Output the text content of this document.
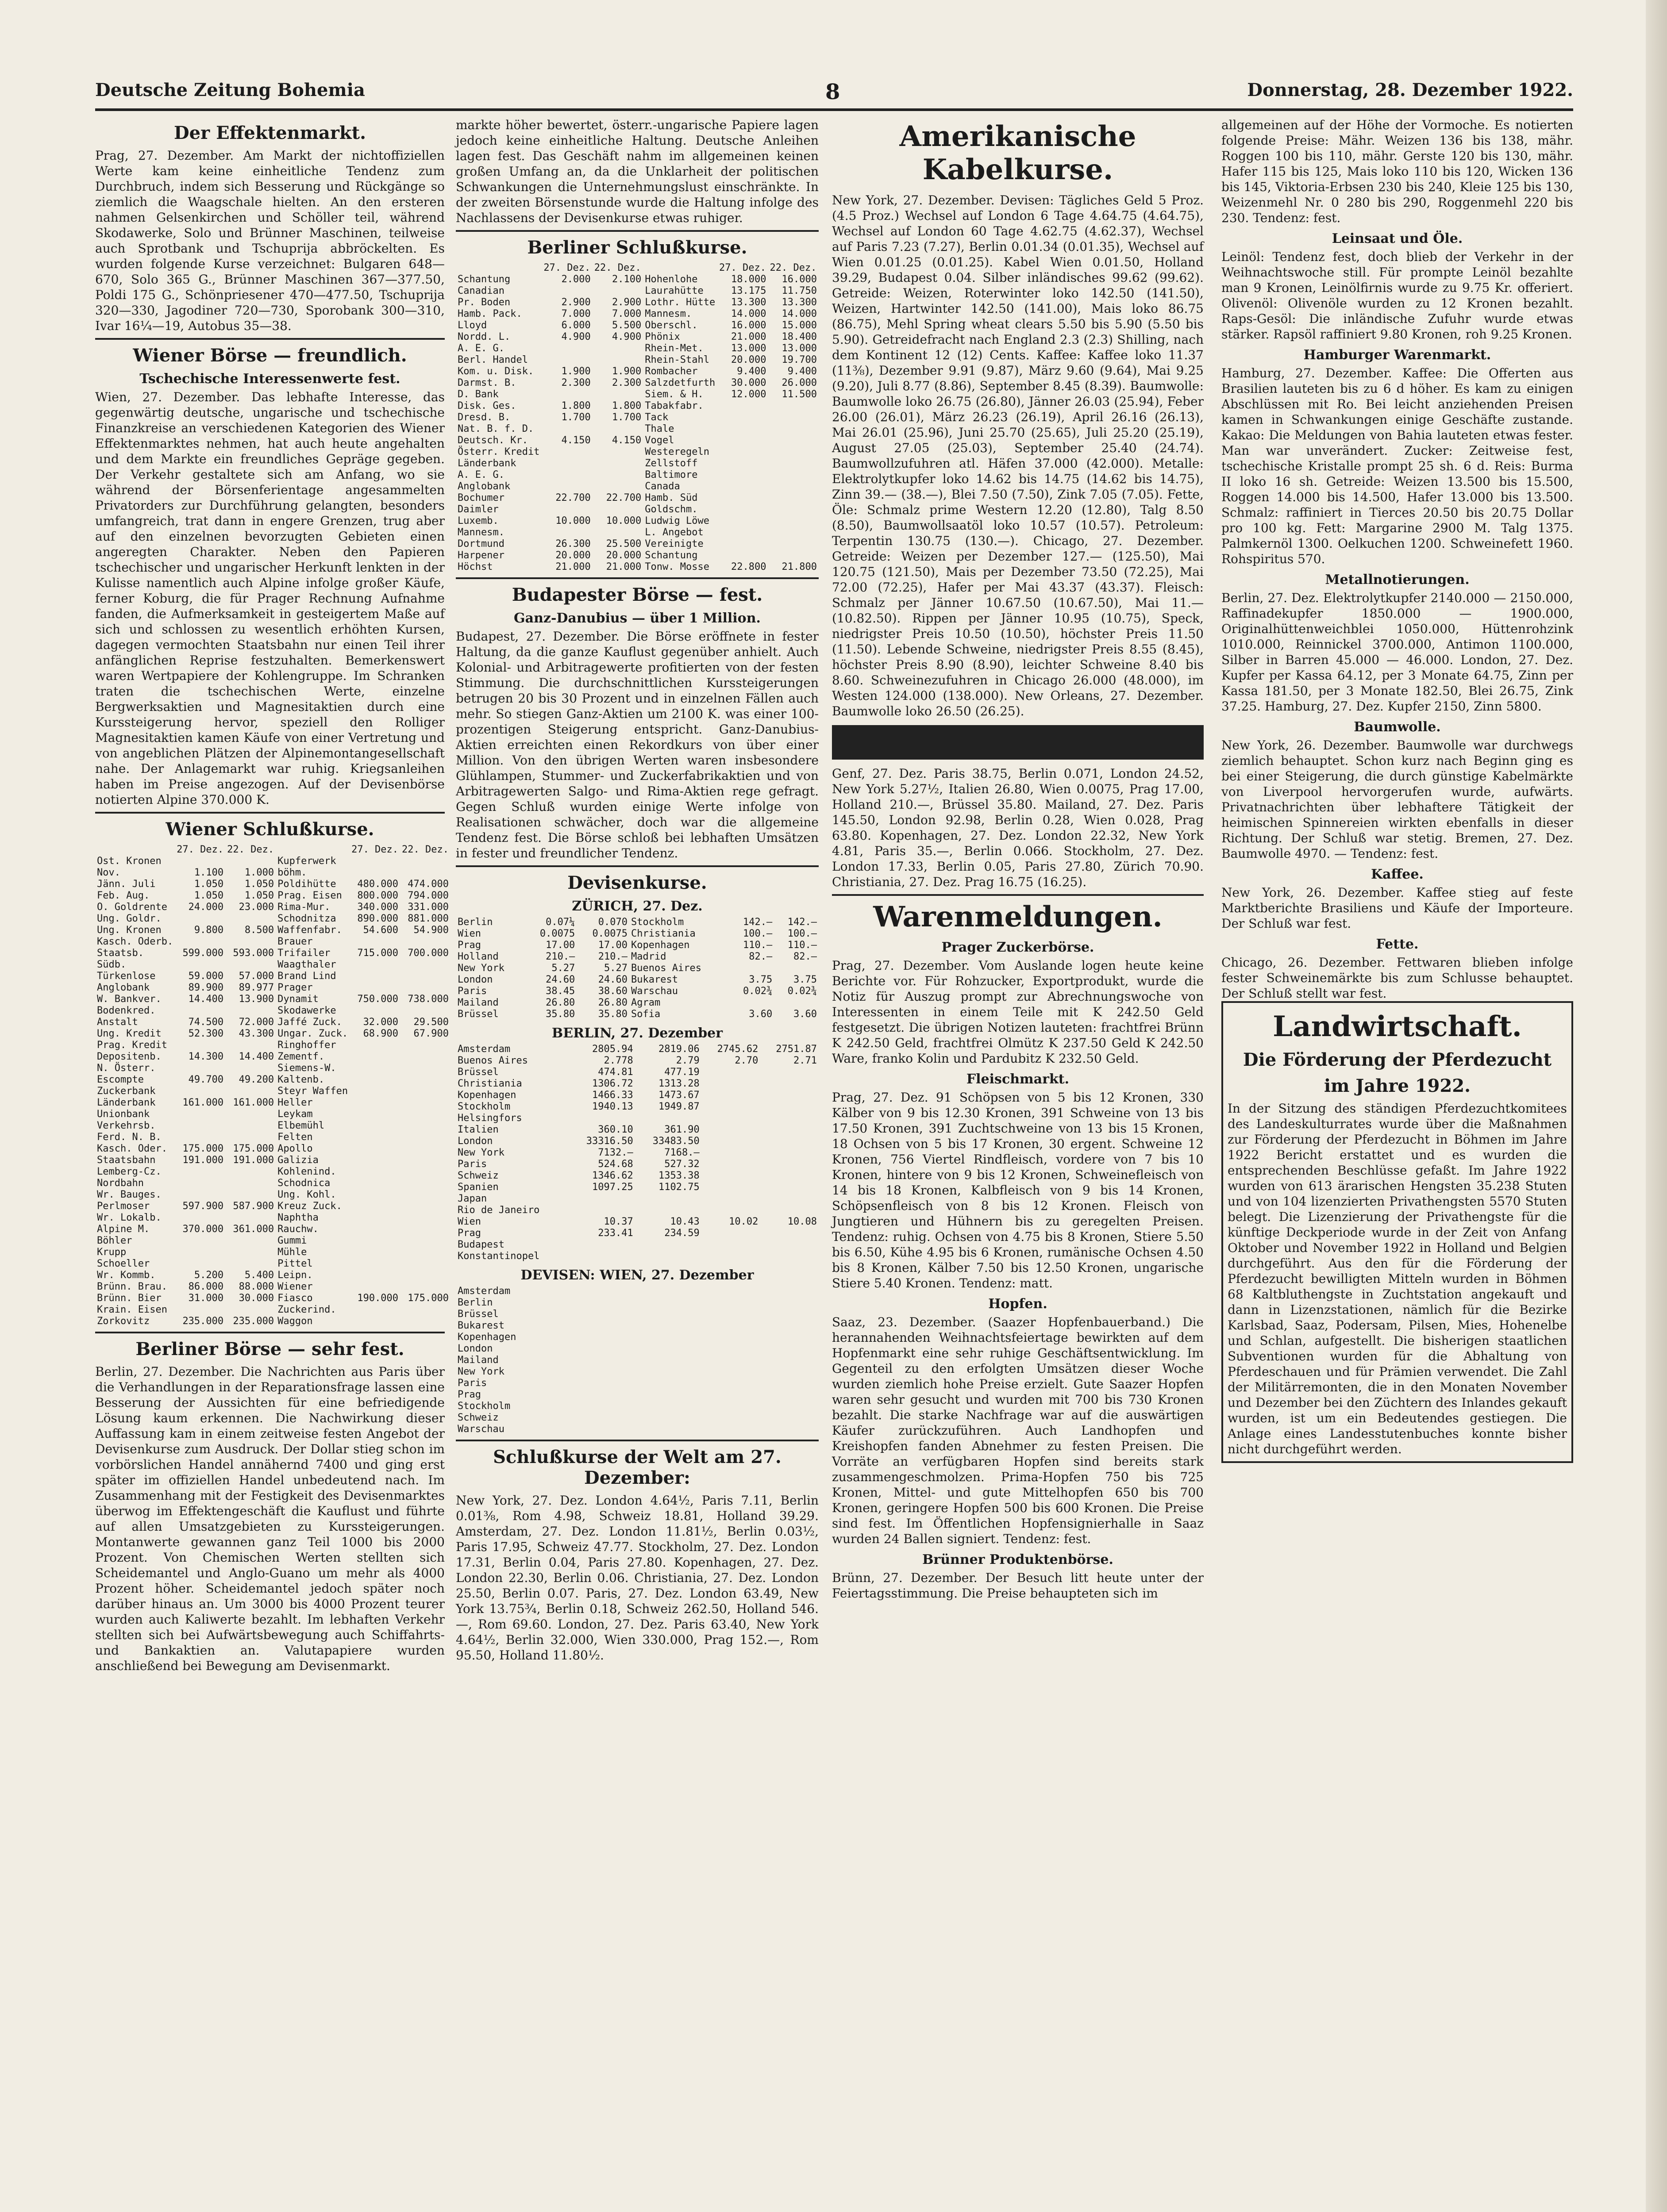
Deutsche Zeitung Bohemia	8	Donnerstag, 28. Dezember 1922.
Der Effektenmarkt.
Prag, 27. Dezember. Am Markt der nichtoffiziellen Werte kam keine einheitliche Tendenz zum Durchbruch, indem sich Besserung und Rückgänge so ziemlich die Waagschale hielten. An den ersteren nahmen Gelsenkirchen und Schöller teil, während Skodawerke, Solo und Brünner Maschinen, teilweise auch Sprotbank und Tschuprija abbröckelten. Es wurden folgende Kurse verzeichnet: Bulgaren 648—670, Solo 365 G., Brünner Maschinen 367—377.50, Poldi 175 G., Schönpriesener 470—477.50, Tschuprija 320—330, Jagodiner 720—730, Sporobank 300—310, Ivar 16¼—19, Autobus 35—38.
Wiener Börse — freundlich.
Tschechische Interessenwerte fest.
Wien, 27. Dezember. Das lebhafte Interesse, das gegenwärtig deutsche, ungarische und tschechische Finanzkreise an verschiedenen Kategorien des Wiener Effektenmarktes nehmen, hat auch heute angehalten und dem Markte ein freundliches Gepräge gegeben. Der Verkehr gestaltete sich am Anfang, wo sie während der Börsenferientage angesammelten Privatorders zur Durchführung gelangten, besonders umfangreich, trat dann in engere Grenzen, trug aber auf den einzelnen bevorzugten Gebieten einen angeregten Charakter. Neben den Papieren tschechischer und ungarischer Herkunft lenkten in der Kulisse namentlich auch Alpine infolge großer Käufe, ferner Koburg, die für Prager Rechnung Aufnahme fanden, die Aufmerksamkeit in gesteigertem Maße auf sich und schlossen zu wesentlich erhöhten Kursen, dagegen vermochten Staatsbahn nur einen Teil ihrer anfänglichen Reprise festzuhalten. Bemerkenswert waren Wertpapiere der Kohlengruppe. Im Schranken traten die tschechischen Werte, einzelne Bergwerksaktien und Magnesitaktien durch eine Kurssteigerung hervor, speziell den Rolliger Magnesitaktien kamen Käufe von einer Vertretung und von angeblichen Plätzen der Alpinemontangesellschaft nahe. Der Anlagemarkt war ruhig. Kriegsanleihen haben im Preise angezogen. Auf der Devisenbörse notierten Alpine 370.000 K.
Wiener Schlußkurse.
	27. Dez.	22. Dez.		27. Dez.	22. Dez.
Ost. Kronen			Kupferwerk		
Nov.	1.100	1.000	böhm.		
Jänn. Juli	1.050	1.050	Poldihütte	480.000	474.000
Feb. Aug.	1.050	1.050	Prag. Eisen	800.000	794.000
O. Goldrente	24.000	23.000	Rima-Mur.	340.000	331.000
Ung. Goldr.			Schodnitza	890.000	881.000
Ung. Kronen	9.800	8.500	Waffenfabr.	54.600	54.900
Kasch. Oderb.			Brauer		
Staatsb.	599.000	593.000	Trifailer	715.000	700.000
Südb.			Waagthaler		
Türkenlose	59.000	57.000	Brand Lind		
Anglobank	89.900	89.977	Prager		
W. Bankver.	14.400	13.900	Dynamit	750.000	738.000
Bodenkred.			Skodawerke		
Anstalt	74.500	72.000	Jaffé Zuck.	32.000	29.500
Ung. Kredit	52.300	43.300	Ungar. Zuck.	68.900	67.900
Prag. Kredit			Ringhoffer		
Depositenb.	14.300	14.400	Zementf.		
N. Österr.			Siemens-W.		
Escompte	49.700	49.200	Kaltenb.		
Zuckerbank			Steyr Waffen		
Länderbank	161.000	161.000	Heller		
Unionbank			Leykam		
Verkehrsb.			Elbemühl		
Ferd. N. B.			Felten		
Kasch. Oder.	175.000	175.000	Apollo		
Staatsbahn	191.000	191.000	Galizia		
Lemberg-Cz.			Kohlenind.		
Nordbahn			Schodnica		
Wr. Bauges.			Ung. Kohl.		
Perlmoser	597.900	587.900	Kreuz Zuck.		
Wr. Lokalb.			Naphtha		
Alpine M.	370.000	361.000	Rauchw.		
Böhler			Gummi		
Krupp			Mühle		
Schoeller			Pittel		
Wr. Kommb.	5.200	5.400	Leipn.		
Brünn. Brau.	86.000	88.000	Wiener		
Brünn. Bier	31.000	30.000	Fiasco	190.000	175.000
Krain. Eisen			Zuckerind.		
Zorkovitz	235.000	235.000	Waggon		
Berliner Börse — sehr fest.
Berlin, 27. Dezember. Die Nachrichten aus Paris über die Verhandlungen in der Reparationsfrage lassen eine Besserung der Aussichten für eine befriedigende Lösung kaum erkennen. Die Nachwirkung dieser Auffassung kam in einem zeitweise festen Angebot der Devisenkurse zum Ausdruck. Der Dollar stieg schon im vorbörslichen Handel annähernd 7400 und ging erst später im offiziellen Handel unbedeutend nach. Im Zusammenhang mit der Festigkeit des Devisenmarktes überwog im Effektengeschäft die Kauflust und führte auf allen Umsatzgebieten zu Kurssteigerungen. Montanwerte gewannen ganz Teil 1000 bis 2000 Prozent. Von Chemischen Werten stellten sich Scheidemantel und Anglo-Guano um mehr als 4000 Prozent höher. Scheidemantel jedoch später noch darüber hinaus an. Um 3000 bis 4000 Prozent teurer wurden auch Kaliwerte bezahlt. Im lebhaften Verkehr stellten sich bei Aufwärtsbewegung auch Schiffahrts- und Bankaktien an. Valutapapiere wurden anschließend bei Bewegung am Devisenmarkt.
markte höher bewertet, österr.-ungarische Papiere lagen jedoch keine einheitliche Haltung. Deutsche Anleihen lagen fest. Das Geschäft nahm im allgemeinen keinen großen Umfang an, da die Unklarheit der politischen Schwankungen die Unternehmungslust einschränkte. In der zweiten Börsenstunde wurde die Haltung infolge des Nachlassens der Devisenkurse etwas ruhiger.
Berliner Schlußkurse.
	27. Dez.	22. Dez.		27. Dez.	22. Dez.
Schantung	2.000	2.100	Hohenlohe	18.000	16.000
Canadian			Laurahütte	13.175	11.750
Pr. Boden	2.900	2.900	Lothr. Hütte	13.300	13.300
Hamb. Pack.	7.000	7.000	Mannesm.	14.000	14.000
Lloyd	6.000	5.500	Oberschl.	16.000	15.000
Nordd. L.	4.900	4.900	Phönix	21.000	18.400
A. E. G.			Rhein-Met.	13.000	13.000
Berl. Handel			Rhein-Stahl	20.000	19.700
Kom. u. Disk.	1.900	1.900	Rombacher	9.400	9.400
Darmst. B.	2.300	2.300	Salzdetfurth	30.000	26.000
D. Bank			Siem. & H.	12.000	11.500
Disk. Ges.	1.800	1.800	Tabakfabr.		
Dresd. B.	1.700	1.700	Tack		
Nat. B. f. D.			Thale		
Deutsch. Kr.	4.150	4.150	Vogel		
Österr. Kredit			Westeregeln		
Länderbank			Zellstoff		
A. E. G.			Baltimore		
Anglobank			Canada		
Bochumer	22.700	22.700	Hamb. Süd		
Daimler			Goldschm.		
Luxemb.	10.000	10.000	Ludwig Löwe		
Mannesm.			L. Angebot		
Dortmund	26.300	25.500	Vereinigte		
Harpener	20.000	20.000	Schantung		
Höchst	21.000	21.000	Tonw. Mosse	22.800	21.800
Budapester Börse — fest.
Ganz-Danubius — über 1 Million.
Budapest, 27. Dezember. Die Börse eröffnete in fester Haltung, da die ganze Kauflust gegenüber anhielt. Auch Kolonial- und Arbitragewerte profitierten von der festen Stimmung. Die durchschnittlichen Kurssteigerungen betrugen 20 bis 30 Prozent und in einzelnen Fällen auch mehr. So stiegen Ganz-Aktien um 2100 K. was einer 100-prozentigen Steigerung entspricht. Ganz-Danubius-Aktien erreichten einen Rekordkurs von über einer Million. Von den übrigen Werten waren insbesondere Glühlampen, Stummer- und Zuckerfabrikaktien und von Arbitragewerten Salgo- und Rima-Aktien rege gefragt. Gegen Schluß wurden einige Werte infolge von Realisationen schwächer, doch war die allgemeine Tendenz fest. Die Börse schloß bei lebhaften Umsätzen in fester und freundlicher Tendenz.
Devisenkurse.
ZÜRICH, 27. Dez.
Berlin	0.07¼	0.070	Stockholm	142.—	142.—
Wien	0.0075	0.0075	Christiania	100.—	100.—
Prag	17.00	17.00	Kopenhagen	110.—	110.—
Holland	210.—	210.—	Madrid	82.—	82.—
New York	5.27	5.27	Buenos Aires		
London	24.60	24.60	Bukarest	3.75	3.75
Paris	38.45	38.60	Warschau	0.02¾	0.02¾
Mailand	26.80	26.80	Agram		
Brüssel	35.80	35.80	Sofia	3.60	3.60
BERLIN, 27. Dezember
Amsterdam	2805.94	2819.06	2745.62	2751.87
Buenos Aires	2.778	2.79	2.70	2.71
Brüssel	474.81	477.19		
Christiania	1306.72	1313.28		
Kopenhagen	1466.33	1473.67		
Stockholm	1940.13	1949.87		
Helsingfors				
Italien	360.10	361.90		
London	33316.50	33483.50		
New York	7132.—	7168.—		
Paris	524.68	527.32		
Schweiz	1346.62	1353.38		
Spanien	1097.25	1102.75		
Japan				
Rio de Janeiro				
Wien	10.37	10.43	10.02	10.08
Prag	233.41	234.59		
Budapest				
Konstantinopel				
DEVISEN: WIEN, 27. Dezember
Amsterdam				
Berlin				
Brüssel				
Bukarest				
Kopenhagen				
London				
Mailand				
New York				
Paris				
Prag				
Stockholm				
Schweiz				
Warschau				
Schlußkurse der Welt am 27. Dezember:
New York, 27. Dez. London 4.64½, Paris 7.11, Berlin 0.01⅜, Rom 4.98, Schweiz 18.81, Holland 39.29. Amsterdam, 27. Dez. London 11.81½, Berlin 0.03½, Paris 17.95, Schweiz 47.77. Stockholm, 27. Dez. London 17.31, Berlin 0.04, Paris 27.80. Kopenhagen, 27. Dez. London 22.30, Berlin 0.06. Christiania, 27. Dez. London 25.50, Berlin 0.07. Paris, 27. Dez. London 63.49, New York 13.75¾, Berlin 0.18, Schweiz 262.50, Holland 546.—, Rom 69.60. London, 27. Dez. Paris 63.40, New York 4.64½, Berlin 32.000, Wien 330.000, Prag 152.—, Rom 95.50, Holland 11.80½.
Amerikanische Kabelkurse.
New York, 27. Dezember. Devisen: Tägliches Geld 5 Proz. (4.5 Proz.) Wechsel auf London 6 Tage 4.64.75 (4.64.75), Wechsel auf London 60 Tage 4.62.75 (4.62.37), Wechsel auf Paris 7.23 (7.27), Berlin 0.01.34 (0.01.35), Wechsel auf Wien 0.01.25 (0.01.25). Kabel Wien 0.01.50, Holland 39.29, Budapest 0.04. Silber inländisches 99.62 (99.62). Getreide: Weizen, Roterwinter loko 142.50 (141.50), Weizen, Hartwinter 142.50 (141.00), Mais loko 86.75 (86.75), Mehl Spring wheat clears 5.50 bis 5.90 (5.50 bis 5.90). Getreidefracht nach England 2.3 (2.3) Shilling, nach dem Kontinent 12 (12) Cents. Kaffee: Kaffee loko 11.37 (11⅜), Dezember 9.91 (9.87), März 9.60 (9.64), Mai 9.25 (9.20), Juli 8.77 (8.86), September 8.45 (8.39). Baumwolle: Baumwolle loko 26.75 (26.80), Jänner 26.03 (25.94), Feber 26.00 (26.01), März 26.23 (26.19), April 26.16 (26.13), Mai 26.01 (25.96), Juni 25.70 (25.65), Juli 25.20 (25.19), August 27.05 (25.03), September 25.40 (24.74). Baumwollzufuhren atl. Häfen 37.000 (42.000). Metalle: Elektrolytkupfer loko 14.62 bis 14.75 (14.62 bis 14.75), Zinn 39.— (38.—), Blei 7.50 (7.50), Zink 7.05 (7.05). Fette, Öle: Schmalz prime Western 12.20 (12.80), Talg 8.50 (8.50), Baumwollsaatöl loko 10.57 (10.57). Petroleum: Terpentin 130.75 (130.—). Chicago, 27. Dezember. Getreide: Weizen per Dezember 127.— (125.50), Mai 120.75 (121.50), Mais per Dezember 73.50 (72.25), Mai 72.00 (72.25), Hafer per Mai 43.37 (43.37). Fleisch: Schmalz per Jänner 10.67.50 (10.67.50), Mai 11.— (10.82.50). Rippen per Jänner 10.95 (10.75), Speck, niedrigster Preis 10.50 (10.50), höchster Preis 11.50 (11.50). Lebende Schweine, niedrigster Preis 8.55 (8.45), höchster Preis 8.90 (8.90), leichter Schweine 8.40 bis 8.60. Schweinezufuhren in Chicago 26.000 (48.000), im Westen 124.000 (138.000). New Orleans, 27. Dezember. Baumwolle loko 26.50 (26.25).
Genf, 27. Dez. Paris 38.75, Berlin 0.071, London 24.52, New York 5.27½, Italien 26.80, Wien 0.0075, Prag 17.00, Holland 210.—, Brüssel 35.80. Mailand, 27. Dez. Paris 145.50, London 92.98, Berlin 0.28, Wien 0.028, Prag 63.80. Kopenhagen, 27. Dez. London 22.32, New York 4.81, Paris 35.—, Berlin 0.066. Stockholm, 27. Dez. London 17.33, Berlin 0.05, Paris 27.80, Zürich 70.90. Christiania, 27. Dez. Prag 16.75 (16.25).
Warenmeldungen.
Prager Zuckerbörse.
Prag, 27. Dezember. Vom Auslande logen heute keine Berichte vor. Für Rohzucker, Exportprodukt, wurde die Notiz für Auszug prompt zur Abrechnungswoche von Interessenten in einem Teile mit K 242.50 Geld festgesetzt. Die übrigen Notizen lauteten: frachtfrei Brünn K 242.50 Geld, frachtfrei Olmütz K 237.50 Geld K 242.50 Ware, franko Kolin und Pardubitz K 232.50 Geld.
Fleischmarkt.
Prag, 27. Dez. 91 Schöpsen von 5 bis 12 Kronen, 330 Kälber von 9 bis 12.30 Kronen, 391 Schweine von 13 bis 17.50 Kronen, 391 Zuchtschweine von 13 bis 15 Kronen, 18 Ochsen von 5 bis 17 Kronen, 30 ergent. Schweine 12 Kronen, 756 Viertel Rindfleisch, vordere von 7 bis 10 Kronen, hintere von 9 bis 12 Kronen, Schweinefleisch von 14 bis 18 Kronen, Kalbfleisch von 9 bis 14 Kronen, Schöpsenfleisch von 8 bis 12 Kronen. Fleisch von Jungtieren und Hühnern bis zu geregelten Preisen. Tendenz: ruhig. Ochsen von 4.75 bis 8 Kronen, Stiere 5.50 bis 6.50, Kühe 4.95 bis 6 Kronen, rumänische Ochsen 4.50 bis 8 Kronen, Kälber 7.50 bis 12.50 Kronen, ungarische Stiere 5.40 Kronen. Tendenz: matt.
Hopfen.
Saaz, 23. Dezember. (Saazer Hopfenbauerband.) Die herannahenden Weihnachtsfeiertage bewirkten auf dem Hopfenmarkt eine sehr ruhige Geschäftsentwicklung. Im Gegenteil zu den erfolgten Umsätzen dieser Woche wurden ziemlich hohe Preise erzielt. Gute Saazer Hopfen waren sehr gesucht und wurden mit 700 bis 730 Kronen bezahlt. Die starke Nachfrage war auf die auswärtigen Käufer zurückzuführen. Auch Landhopfen und Kreishopfen fanden Abnehmer zu festen Preisen. Die Vorräte an verfügbaren Hopfen sind bereits stark zusammengeschmolzen. Prima-Hopfen 750 bis 725 Kronen, Mittel- und gute Mittelhopfen 650 bis 700 Kronen, geringere Hopfen 500 bis 600 Kronen. Die Preise sind fest. Im Öffentlichen Hopfensignierhalle in Saaz wurden 24 Ballen signiert. Tendenz: fest.
Brünner Produktenbörse.
Brünn, 27. Dezember. Der Besuch litt heute unter der Feiertagsstimmung. Die Preise behaupteten sich im
allgemeinen auf der Höhe der Vormoche. Es notierten folgende Preise: Mähr. Weizen 136 bis 138, mähr. Roggen 100 bis 110, mähr. Gerste 120 bis 130, mähr. Hafer 115 bis 125, Mais loko 110 bis 120, Wicken 136 bis 145, Viktoria-Erbsen 230 bis 240, Kleie 125 bis 130, Weizenmehl Nr. 0 280 bis 290, Roggenmehl 220 bis 230. Tendenz: fest.
Leinsaat und Öle.
Leinöl: Tendenz fest, doch blieb der Verkehr in der Weihnachtswoche still. Für prompte Leinöl bezahlte man 9 Kronen, Leinölfirnis wurde zu 9.75 Kr. offeriert. Olivenöl: Olivenöle wurden zu 12 Kronen bezahlt. Raps-Gesöl: Die inländische Zufuhr wurde etwas stärker. Rapsöl raffiniert 9.80 Kronen, roh 9.25 Kronen.
Hamburger Warenmarkt.
Hamburg, 27. Dezember. Kaffee: Die Offerten aus Brasilien lauteten bis zu 6 d höher. Es kam zu einigen Abschlüssen mit Ro. Bei leicht anziehenden Preisen kamen in Schwankungen einige Geschäfte zustande. Kakao: Die Meldungen von Bahia lauteten etwas fester. Man war unverändert. Zucker: Zeitweise fest, tschechische Kristalle prompt 25 sh. 6 d. Reis: Burma II loko 16 sh. Getreide: Weizen 13.500 bis 15.500, Roggen 14.000 bis 14.500, Hafer 13.000 bis 13.500. Schmalz: raffiniert in Tierces 20.50 bis 20.75 Dollar pro 100 kg. Fett: Margarine 2900 M. Talg 1375. Palmkernöl 1300. Oelkuchen 1200. Schweinefett 1960. Rohspiritus 570.
Metallnotierungen.
Berlin, 27. Dez. Elektrolytkupfer 2140.000 — 2150.000, Raffinadekupfer 1850.000 — 1900.000, Originalhüttenweichblei 1050.000, Hüttenrohzink 1010.000, Reinnickel 3700.000, Antimon 1100.000, Silber in Barren 45.000 — 46.000. London, 27. Dez. Kupfer per Kassa 64.12, per 3 Monate 64.75, Zinn per Kassa 181.50, per 3 Monate 182.50, Blei 26.75, Zink 37.25. Hamburg, 27. Dez. Kupfer 2150, Zinn 5800.
Baumwolle.
New York, 26. Dezember. Baumwolle war durchwegs ziemlich behauptet. Schon kurz nach Beginn ging es bei einer Steigerung, die durch günstige Kabelmärkte von Liverpool hervorgerufen wurde, aufwärts. Privatnachrichten über lebhaftere Tätigkeit der heimischen Spinnereien wirkten ebenfalls in dieser Richtung. Der Schluß war stetig. Bremen, 27. Dez. Baumwolle 4970. — Tendenz: fest.
Kaffee.
New York, 26. Dezember. Kaffee stieg auf feste Marktberichte Brasiliens und Käufe der Importeure. Der Schluß war fest.
Fette.
Chicago, 26. Dezember. Fettwaren blieben infolge fester Schweinemärkte bis zum Schlusse behauptet. Der Schluß stellt war fest.
Landwirtschaft.
Die Förderung der Pferdezucht
im Jahre 1922.
In der Sitzung des ständigen Pferdezuchtkomitees des Landeskulturrates wurde über die Maßnahmen zur Förderung der Pferdezucht in Böhmen im Jahre 1922 Bericht erstattet und es wurden die entsprechenden Beschlüsse gefaßt. Im Jahre 1922 wurden von 613 ärarischen Hengsten 35.238 Stuten und von 104 lizenzierten Privathengsten 5570 Stuten belegt. Die Lizenzierung der Privathengste für die künftige Deckperiode wurde in der Zeit von Anfang Oktober und November 1922 in Holland und Belgien durchgeführt. Aus den für die Förderung der Pferdezucht bewilligten Mitteln wurden in Böhmen 68 Kaltbluthengste in Zuchtstation angekauft und dann in Lizenzstationen, nämlich für die Bezirke Karlsbad, Saaz, Podersam, Pilsen, Mies, Hohenelbe und Schlan, aufgestellt. Die bisherigen staatlichen Subventionen wurden für die Abhaltung von Pferdeschauen und für Prämien verwendet. Die Zahl der Militärremonten, die in den Monaten November und Dezember bei den Züchtern des Inlandes gekauft wurden, ist um ein Bedeutendes gestiegen. Die Anlage eines Landesstutenbuches konnte bisher nicht durchgeführt werden.
